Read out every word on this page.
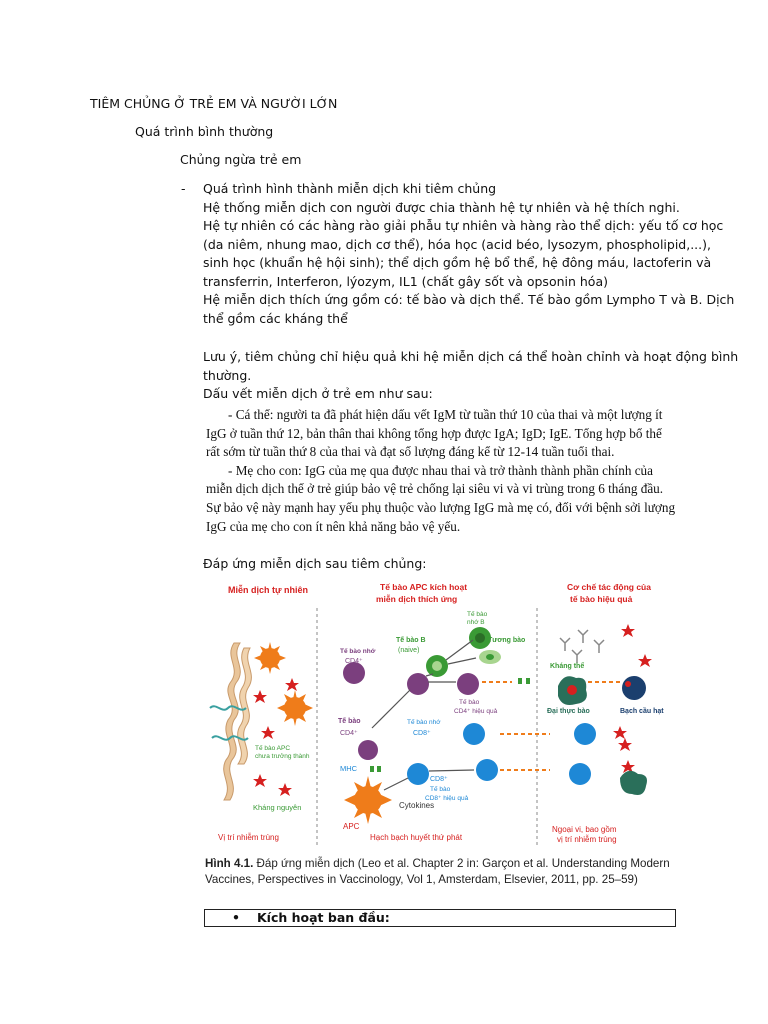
TIÊM CHỦNG Ở TRẺ EM VÀ NGƯỜI LỚN
Quá trình bình thường
Chủng ngừa trẻ em
- Quá trình hình thành miễn dịch khi tiêm chủng
Hệ thống miễn dịch con người được chia thành hệ tự nhiên và hệ thích nghi.
Hệ tự nhiên có các hàng rào giải phẫu tự nhiên và hàng rào thể dịch: yếu tố cơ học
(da niêm, nhung mao, dịch cơ thể), hóa học (acid béo, lysozym, phospholipid,...),
sinh học (khuẩn hệ hội sinh); thể dịch gồm hệ bổ thể, hệ đông máu, lactoferin và
transferrin, Interferon, lýozym, IL1 (chất gây sốt và opsonin hóa)
Hệ miễn dịch thích ứng gồm có: tế bào và dịch thể. Tế bào gồm Lympho T và B. Dịch
thể gồm các kháng thể
Lưu ý, tiêm chủng chỉ hiệu quả khi hệ miễn dịch cá thể hoàn chỉnh và hoạt động bình
thường.
Dấu vết miễn dịch ở trẻ em như sau:
- Cá thể: người ta đã phát hiện dấu vết IgM từ tuần thứ 10 của thai và một lượng ít
IgG ở tuần thứ 12, bản thân thai không tổng hợp được IgA; IgD; IgE. Tổng hợp bổ thể
rất sớm từ tuần thứ 8 của thai và đạt số lượng đáng kể từ 12-14 tuần tuổi thai.
- Mẹ cho con: IgG của mẹ qua được nhau thai và trở thành thành phần chính của
miễn dịch dịch thể ở trẻ giúp bảo vệ trẻ chống lại siêu vi và vi trùng trong 6 tháng đầu.
Sự bảo vệ này mạnh hay yếu phụ thuộc vào lượng IgG mà mẹ có, đối với bệnh sởi lượng
IgG của mẹ cho con ít nên khả năng bảo vệ yếu.
Đáp ứng miễn dịch sau tiêm chủng:
Miễn dịch tự nhiên	Tế bào APC kích hoạt
miễn dịch thích ứng
Cơ chế tác động của
tế bào hiệu quả
Tế bào APC
chưa trưởng thành
Kháng nguyên
Vị trí nhiễm trùng
APC
MHC
Cytokines
Tế bào
nhớ B
Tế bào B
(naive)
Tương bào
Tế bào nhớ
CD4⁺
Tế bào
CD4⁺ hiệu quả
Tế bào
CD4⁺
Tế bào nhớ
CD8⁺
CD8⁺
Tế bào
CD8⁺ hiệu quả
Hạch bạch huyết thứ phát
Kháng thể
Đại thực bào	Bạch cầu hạt
Ngoại vi, bao gồm
vị trí nhiễm trùng
Hình 4.1. Đáp ứng miễn dịch (Leo et al. Chapter 2 in: Garçon et al. Understanding Modern
Vaccines, Perspectives in Vaccinology, Vol 1, Amsterdam, Elsevier, 2011, pp. 25–59)
• Kích hoạt ban đầu:
